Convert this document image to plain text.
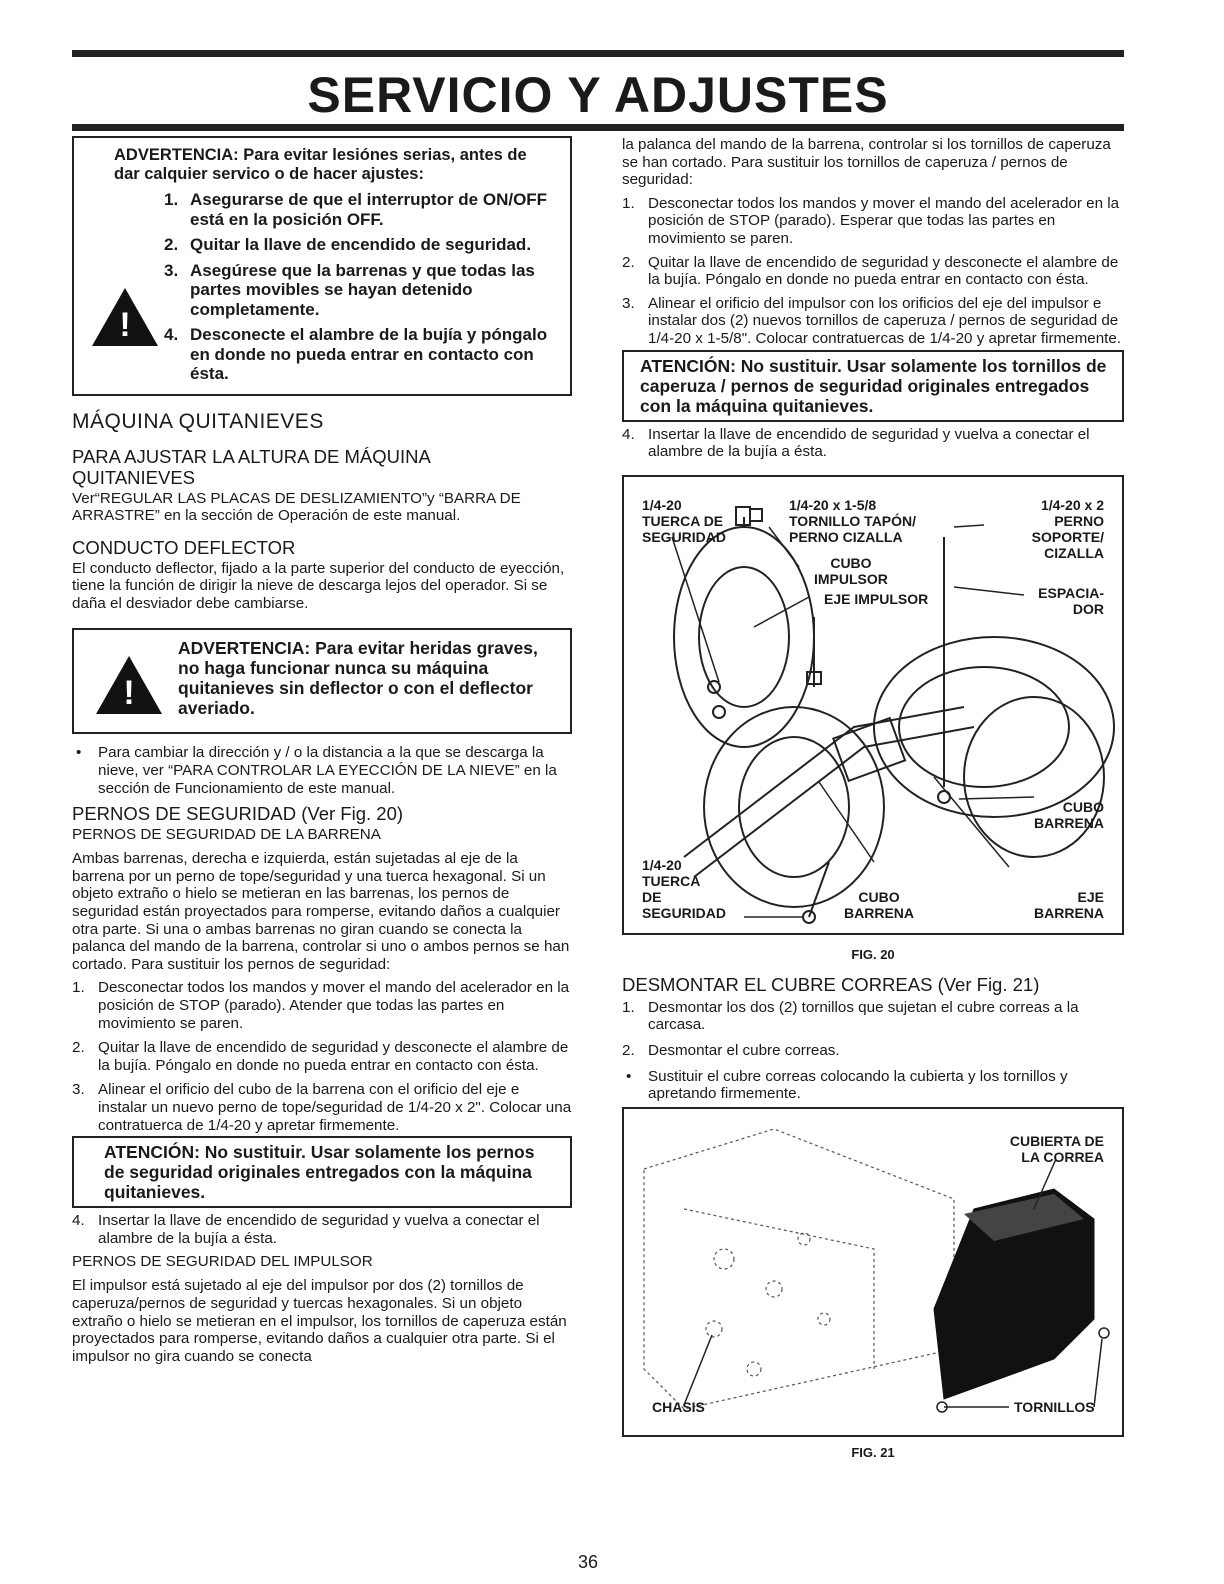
SERVICIO Y ADJUSTES
!

ADVERTENCIA: Para evitar lesiónes serias, antes de dar calquier servico o de hacer ajustes:

1. Asegurarse de que el interruptor de ON/OFF está en la posición OFF.
2. Quitar la llave de encendido de seguridad.
3. Asegúrese que la barrenas y que todas las partes movibles se hayan detenido completamente.
4. Desconecte el alambre de la bujía y póngalo en donde no pueda entrar en contacto con ésta.
MÁQUINA QUITANIEVES
PARA AJUSTAR LA ALTURA DE MÁQUINA QUITANIEVES

Ver“REGULAR LAS PLACAS DE DESLIZAMIENTO”y “BARRA DE ARRASTRE” en la sección de Operación de este manual.

CONDUCTO DEFLECTOR

El conducto deflector, fijado a la parte superior del conducto de eyección, tiene la función de dirigir la nieve de descarga lejos del operador. Si se daña el desviador debe cambiarse.

!

ADVERTENCIA: Para evitar heridas graves, no haga funcionar nunca su máquina quitanieves sin deflector o con el deflector averiado.

• Para cambiar la dirección y / o la distancia a la que se descarga la nieve, ver “PARA CONTROLAR LA EYECCIÓN DE LA NIEVE” en la sección de Funcionamiento de este manual.
PERNOS DE SEGURIDAD (Ver Fig. 20)

PERNOS DE SEGURIDAD DE LA BARRENA

Ambas barrenas, derecha e izquierda, están sujetadas al eje de la barrena por un perno de tope/seguridad y una tuerca hexagonal. Si un objeto extraño o hielo se metieran en las barrenas, los pernos de seguridad están proyectados para romperse, evitando daños a cualquier otra parte. Si una o ambas barrenas no giran cuando se conecta la palanca del mando de la barrena, controlar si uno o ambos pernos se han cortado. Para sustituir los pernos de seguridad:

1. Desconectar todos los mandos y mover el mando del acelerador en la posición de STOP (parado). Atender que todas las partes en movimiento se paren.
2. Quitar la llave de encendido de seguridad y desconecte el alambre de la bujía. Póngalo en donde no pueda entrar en contacto con ésta.
3. Alinear el orificio del cubo de la barrena con el orificio del eje e instalar un nuevo perno de tope/seguridad de 1/4-20 x 2". Colocar una contratuerca de 1/4-20 y apretar firmemente.

ATENCIÓN: No sustituir. Usar solamente los pernos de seguridad originales entregados con la máquina quitanieves.

4. Insertar la llave de encendido de seguridad y vuelva a conectar el alambre de la bujía a ésta.

PERNOS DE SEGURIDAD DEL IMPULSOR

El impulsor está sujetado al eje del impulsor por dos (2) tornillos de caperuza/pernos de seguridad y tuercas hexagonales. Si un objeto extraño o hielo se metieran en el impulsor, los tornillos de caperuza están proyectados para romperse, evitando daños a cualquier otra parte. Si el impulsor no gira cuando se conecta

36

la palanca del mando de la barrena, controlar si los tornillos de caperuza se han cortado. Para sustituir los tornillos de caperuza / pernos de seguridad:

1. Desconectar todos los mandos y mover el mando del acelerador en la posición de STOP (parado). Esperar que todas las partes en movimiento se paren.
2. Quitar la llave de encendido de seguridad y desconecte el alambre de la bujía. Póngalo en donde no pueda entrar en contacto con ésta.
3. Alinear el orificio del impulsor con los orificios del eje del impulsor e instalar dos (2) nuevos tornillos de caperuza / pernos de seguridad de 1/4-20 x 1-5/8". Colocar contratuercas de 1/4-20 y apretar firmemente.

ATENCIÓN: No sustituir. Usar solamente los tornillos de caperuza / pernos de seguridad originales entregados con la máquina quitanieves.

4. Insertar la llave de encendido de seguridad y vuelva a conectar el alambre de la bujía a ésta.
1/4-20
TUERCA DE
SEGURIDAD
1/4-20 x 1-5/8
TORNILLO TAPÓN/
PERNO CIZALLA
1/4-20 x 2
PERNO
SOPORTE/
CIZALLA
CUBO
IMPULSOR
EJE IMPULSOR	ESPACIA-
DOR
CUBO
BARRENA
1/4-20
TUERCA
DE
SEGURIDAD
CUBO
BARRENA
EJE
BARRENA

FIG. 20

DESMONTAR EL CUBRE CORREAS (Ver Fig. 21)
1. Desmontar los dos (2) tornillos que sujetan el cubre correas a la carcasa.
2. Desmontar el cubre correas.
• Sustituir el cubre correas colocando la cubierta y los tornillos y apretando firmemente.
CUBIERTA DE
LA CORREA
CHASIS	TORNILLOS

FIG. 21
